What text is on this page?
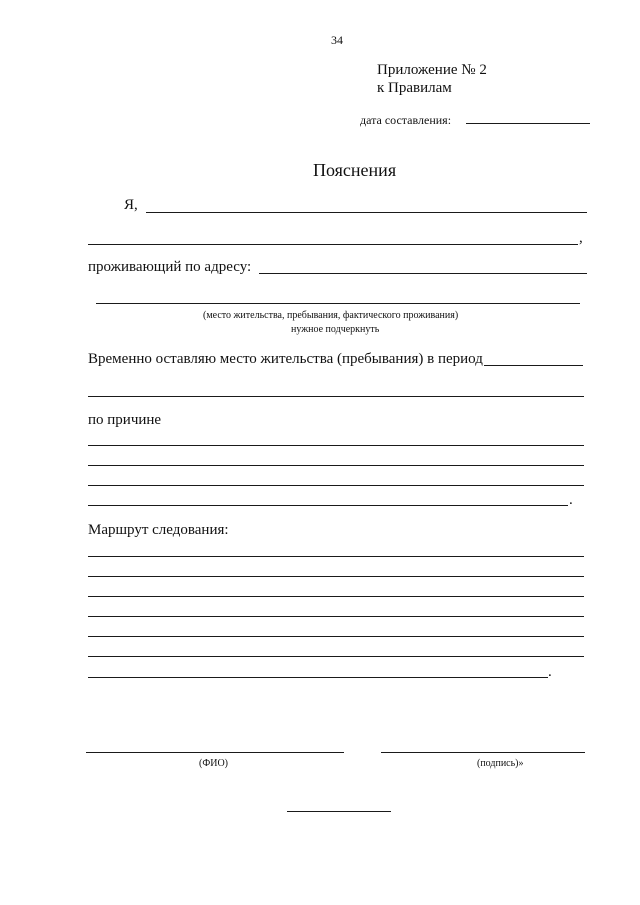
34
Приложение № 2
к Правилам
дата составления:
Пояснения
Я,
,
проживающий по адресу:
(место жительства, пребывания, фактического проживания)
нужное подчеркнуть
Временно оставляю место жительства (пребывания) в период
по причине
.
Маршрут следования:
.
(ФИО)	(подпись)»
